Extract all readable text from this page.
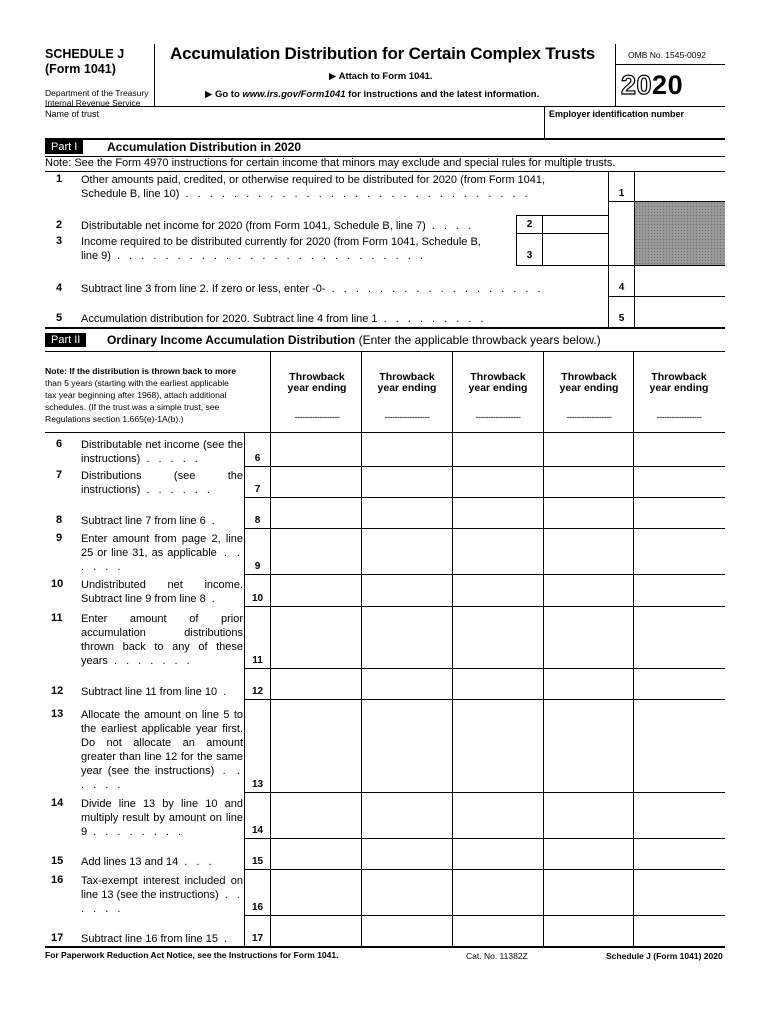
SCHEDULE J
(Form 1041)
Department of the Treasury
Internal Revenue Service
Accumulation Distribution for Certain Complex Trusts
▶ Attach to Form 1041.
▶ Go to www.irs.gov/Form1041 for instructions and the latest information.
OMB No. 1545-0092
2020
Name of trust	Employer identification number
Part I	Accumulation Distribution in 2020
Note: See the Form 4970 instructions for certain income that minors may exclude and special rules for multiple trusts.
1 Other amounts paid, credited, or otherwise required to be distributed for 2020 (from Form 1041,
Schedule B, line 10) . . . . . . . . . . . . . . . . . . . . . . . . . . . . .
2 Distributable net income for 2020 (from Form 1041, Schedule B, line 7) . . . .
3 Income required to be distributed currently for 2020 (from Form 1041, Schedule B,
line 9) . . . . . . . . . . . . . . . . . . . . . . . . . .
4 Subtract line 3 from line 2. If zero or less, enter -0- . . . . . . . . . . . . . . . . . .
5 Accumulation distribution for 2020. Subtract line 4 from line 1 . . . . . . . . .
1
2
3
4
5
Part II	Ordinary Income Accumulation Distribution (Enter the applicable throwback years below.)
Note: If the distribution is thrown back to more
than 5 years (starting with the earliest applicable
tax year beginning after 1968), attach additional
schedules. (If the trust was a simple trust, see
Regulations section 1.665(e)-1A(b).)
Throwback
year ending
Throwback
year ending
Throwback
year ending
Throwback
year ending
Throwback
year ending
------------------	------------------	------------------	------------------	------------------
6 Distributable net income (see the instructions) . . . . .	6
7 Distributions (see the instructions) . . . . . .	7
8 Subtract line 7 from line 6 .	8
9 Enter amount from page 2, line 25 or line 31, as applicable . . . . . .	9
10 Undistributed net income. Subtract line 9 from line 8 .	10
11 Enter amount of prior accumulation distributions thrown back to any of these years . . . . . . .	11
12 Subtract line 11 from line 10 .	12
13 Allocate the amount on line 5 to the earliest applicable year first. Do not allocate an amount greater than line 12 for the same year (see the instructions) . . . . . .	13
14 Divide line 13 by line 10 and multiply result by amount on line 9 . . . . . . . .	14
15 Add lines 13 and 14 . . .	15
16 Tax-exempt interest included on line 13 (see the instructions) . . . . . .	16
17 Subtract line 16 from line 15 .	17
For Paperwork Reduction Act Notice, see the Instructions for Form 1041.	Cat. No. 11382Z	Schedule J (Form 1041) 2020
